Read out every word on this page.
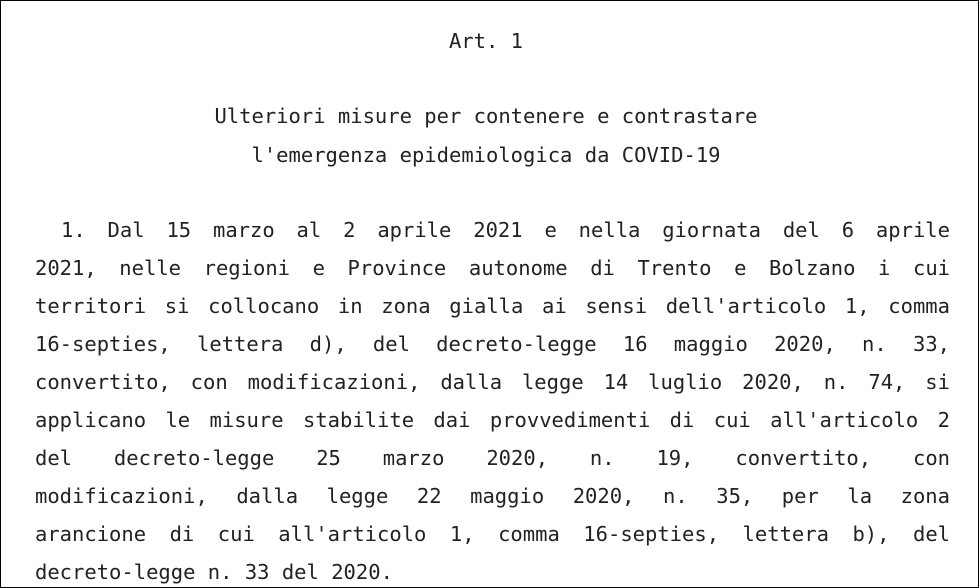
Art. 1

Ulteriori misure per contenere e contrastare

l'emergenza epidemiologica da COVID-19

1. Dal 15 marzo al 2 aprile 2021 e nella giornata del 6 aprile

2021, nelle regioni e Province autonome di Trento e Bolzano i cui

territori si collocano in zona gialla ai sensi dell'articolo 1, comma

16-septies, lettera d), del decreto-legge 16 maggio 2020, n. 33,

convertito, con modificazioni, dalla legge 14 luglio 2020, n. 74, si

applicano le misure stabilite dai provvedimenti di cui all'articolo 2

del decreto-legge 25 marzo 2020, n. 19, convertito, con

modificazioni, dalla legge 22 maggio 2020, n. 35, per la zona

arancione di cui all'articolo 1, comma 16-septies, lettera b), del

decreto-legge n. 33 del 2020.
